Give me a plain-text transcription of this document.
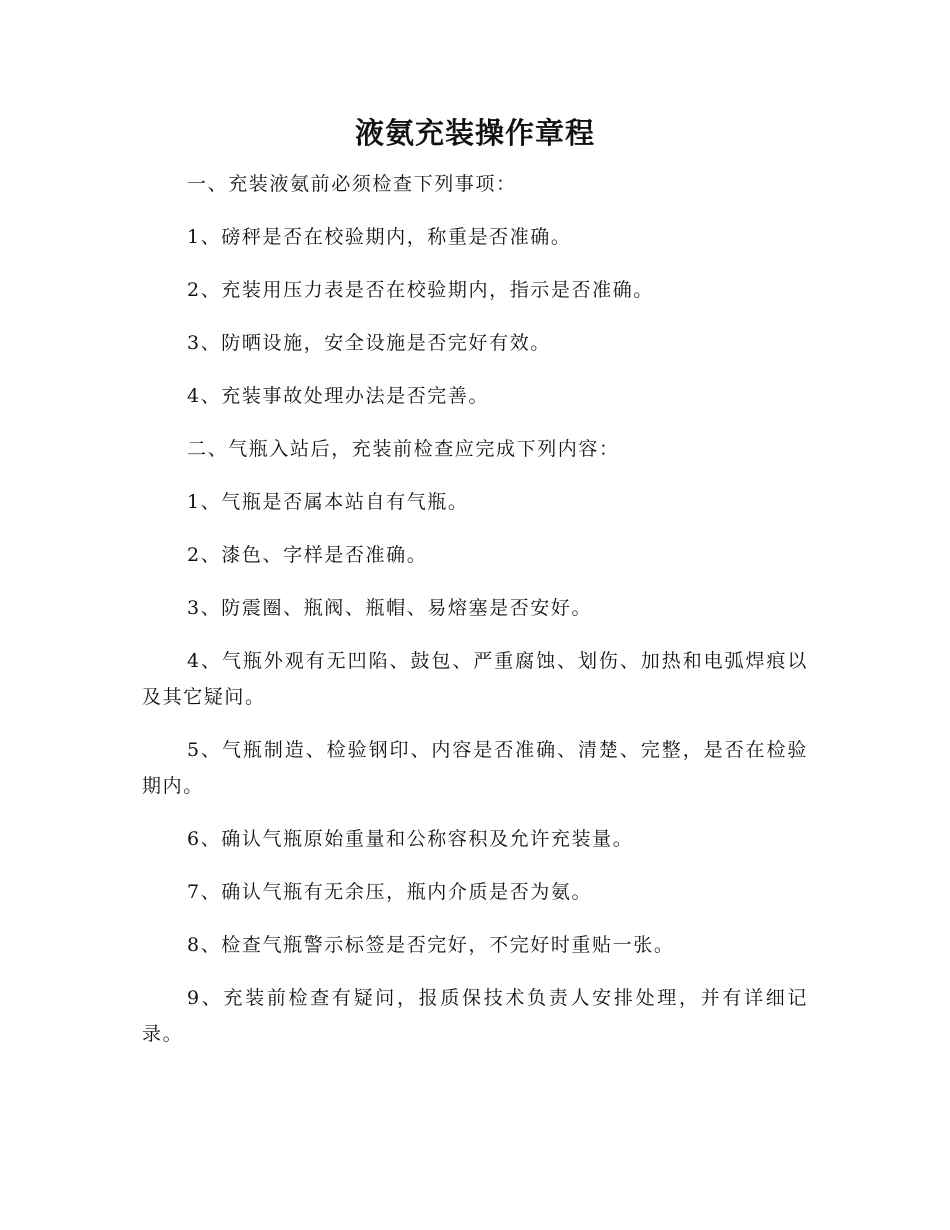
液氨充装操作章程

一、充装液氨前必须检查下列事项：

1、磅秤是否在校验期内，称重是否准确。

2、充装用压力表是否在校验期内，指示是否准确。

3、防晒设施，安全设施是否完好有效。

4、充装事故处理办法是否完善。

二、气瓶入站后，充装前检查应完成下列内容：

1、气瓶是否属本站自有气瓶。

2、漆色、字样是否准确。

3、防震圈、瓶阀、瓶帽、易熔塞是否安好。

4、气瓶外观有无凹陷、鼓包、严重腐蚀、划伤、加热和电弧焊痕以及其它疑问。

5、气瓶制造、检验钢印、内容是否准确、清楚、完整，是否在检验期内。

6、确认气瓶原始重量和公称容积及允许充装量。

7、确认气瓶有无余压，瓶内介质是否为氨。

8、检查气瓶警示标签是否完好，不完好时重贴一张。

9、充装前检查有疑问，报质保技术负责人安排处理，并有详细记录。
